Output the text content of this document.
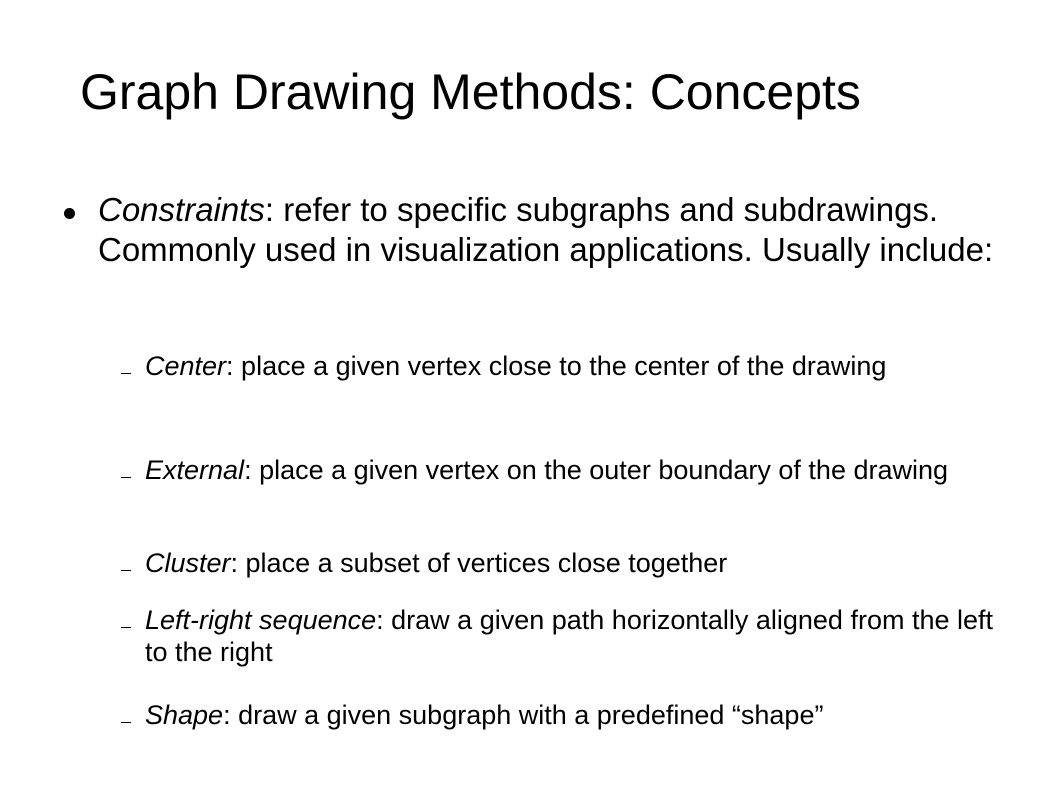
Graph Drawing Methods: Concepts

Constraints: refer to specific subgraphs and subdrawings. Commonly used in visualization applications. Usually include:

Center: place a given vertex close to the center of the drawing
External: place a given vertex on the outer boundary of the drawing
Cluster: place a subset of vertices close together
Left-right sequence: draw a given path horizontally aligned from the left to the right
Shape: draw a given subgraph with a predefined “shape”
